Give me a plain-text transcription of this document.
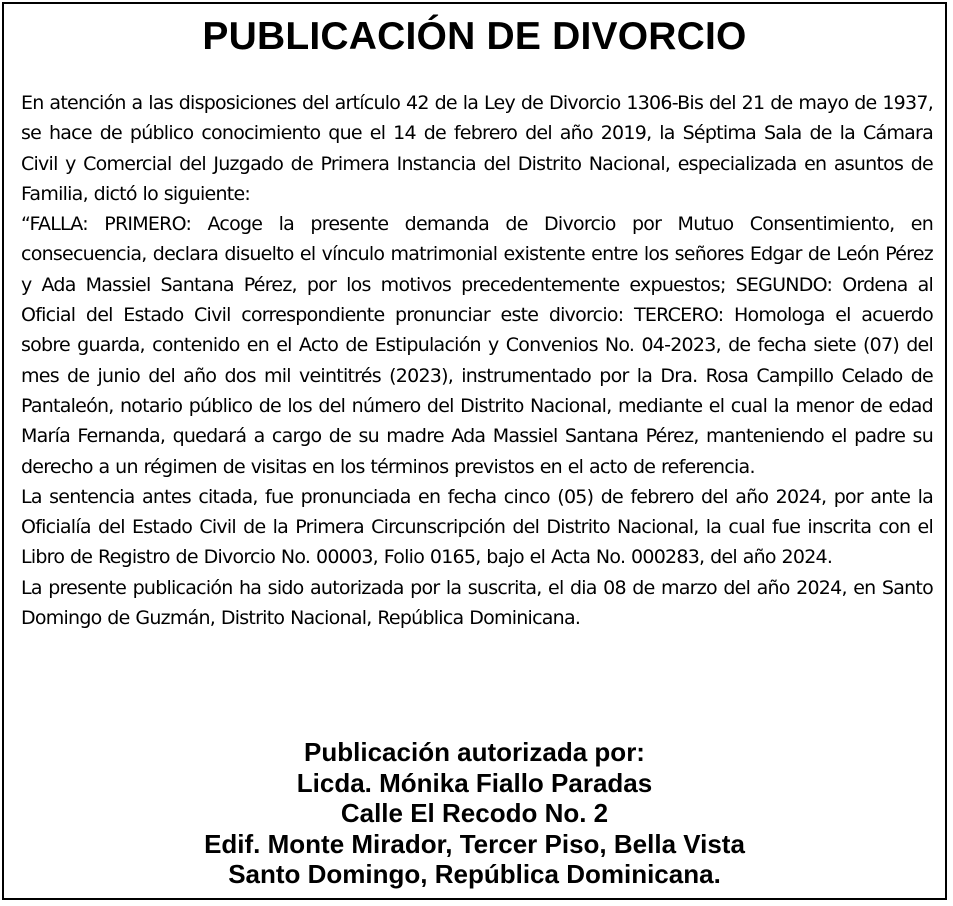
PUBLICACIÓN DE DIVORCIO

En atención a las disposiciones del artículo 42 de la Ley de Divorcio 1306-Bis del 21 de mayo de 1937, se hace de público conocimiento que el 14 de febrero del año 2019, la Séptima Sala de la Cámara Civil y Comercial del Juzgado de Primera Instancia del Distrito Nacional, especializada en asuntos de Familia, dictó lo siguiente:

“FALLA: PRIMERO: Acoge la presente demanda de Divorcio por Mutuo Consentimiento, en consecuencia, declara disuelto el vínculo matrimonial existente entre los señores Edgar de León Pérez y Ada Massiel Santana Pérez, por los motivos precedentemente expuestos; SEGUNDO: Ordena al Oficial del Estado Civil correspondiente pronunciar este divorcio: TERCERO: Homologa el acuerdo sobre guarda, contenido en el Acto de Estipulación y Convenios No. 04-2023, de fecha siete (07) del mes de junio del año dos mil veintitrés (2023), instrumentado por la Dra. Rosa Campillo Celado de Pantaleón, notario público de los del número del Distrito Nacional, mediante el cual la menor de edad María Fernanda, quedará a cargo de su madre Ada Massiel Santana Pérez, manteniendo el padre su derecho a un régimen de visitas en los términos previstos en el acto de referencia.

La sentencia antes citada, fue pronunciada en fecha cinco (05) de febrero del año 2024, por ante la Oficialía del Estado Civil de la Primera Circunscripción del Distrito Nacional, la cual fue inscrita con el Libro de Registro de Divorcio No. 00003, Folio 0165, bajo el Acta No. 000283, del año 2024.

La presente publicación ha sido autorizada por la suscrita, el dia 08 de marzo del año 2024, en Santo Domingo de Guzmán, Distrito Nacional, República Dominicana.

Publicación autorizada por:
Licda. Mónika Fiallo Paradas
Calle El Recodo No. 2
Edif. Monte Mirador, Tercer Piso, Bella Vista
Santo Domingo, República Dominicana.
